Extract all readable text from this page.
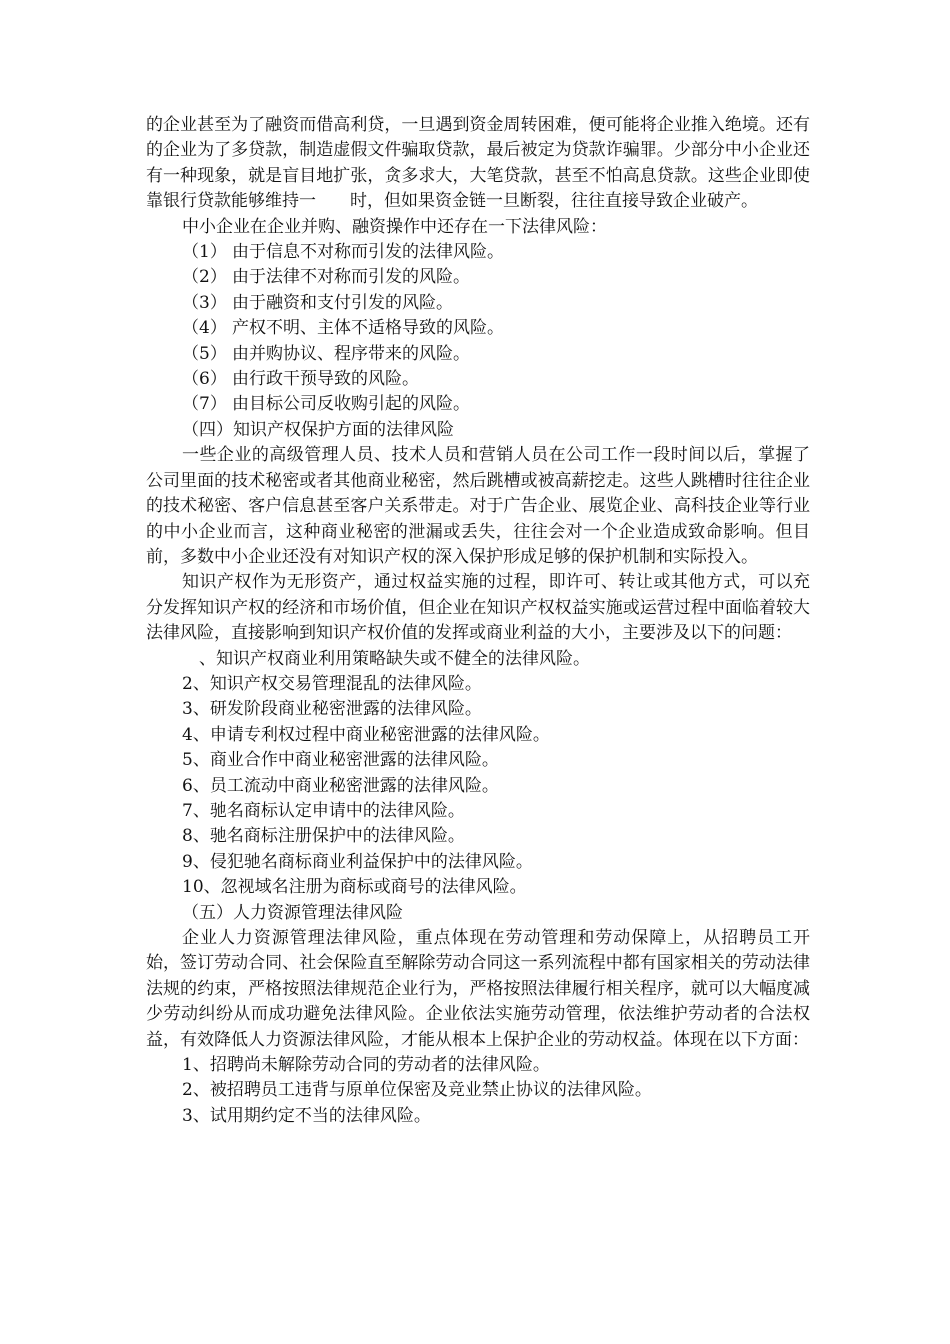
的企业甚至为了融资而借高利贷，一旦遇到资金周转困难，便可能将企业推入绝境。还有的企业为了多贷款，制造虚假文件骗取贷款，最后被定为贷款诈骗罪。少部分中小企业还有一种现象，就是盲目地扩张，贪多求大，大笔贷款，甚至不怕高息贷款。这些企业即使靠银行贷款能够维持一　　时，但如果资金链一旦断裂，往往直接导致企业破产。

中小企业在企业并购、融资操作中还存在一下法律风险：

（1） 由于信息不对称而引发的法律风险。

（2） 由于法律不对称而引发的风险。

（3） 由于融资和支付引发的风险。

（4） 产权不明、主体不适格导致的风险。

（5） 由并购协议、程序带来的风险。

（6） 由行政干预导致的风险。

（7） 由目标公司反收购引起的风险。

（四）知识产权保护方面的法律风险

一些企业的高级管理人员、技术人员和营销人员在公司工作一段时间以后，掌握了公司里面的技术秘密或者其他商业秘密，然后跳槽或被高薪挖走。这些人跳槽时往往企业的技术秘密、客户信息甚至客户关系带走。对于广告企业、展览企业、高科技企业等行业的中小企业而言，这种商业秘密的泄漏或丢失，往往会对一个企业造成致命影响。但目前，多数中小企业还没有对知识产权的深入保护形成足够的保护机制和实际投入。

知识产权作为无形资产，通过权益实施的过程，即许可、转让或其他方式，可以充分发挥知识产权的经济和市场价值，但企业在知识产权权益实施或运营过程中面临着较大法律风险，直接影响到知识产权价值的发挥或商业利益的大小，主要涉及以下的问题：

　、知识产权商业利用策略缺失或不健全的法律风险。

2、知识产权交易管理混乱的法律风险。

3、研发阶段商业秘密泄露的法律风险。

4、申请专利权过程中商业秘密泄露的法律风险。

5、商业合作中商业秘密泄露的法律风险。

6、员工流动中商业秘密泄露的法律风险。

7、驰名商标认定申请中的法律风险。

8、驰名商标注册保护中的法律风险。

9、侵犯驰名商标商业利益保护中的法律风险。

10、忽视域名注册为商标或商号的法律风险。

（五）人力资源管理法律风险

企业人力资源管理法律风险，重点体现在劳动管理和劳动保障上，从招聘员工开始，签订劳动合同、社会保险直至解除劳动合同这一系列流程中都有国家相关的劳动法律法规的约束，严格按照法律规范企业行为，严格按照法律履行相关程序，就可以大幅度减少劳动纠纷从而成功避免法律风险。企业依法实施劳动管理，依法维护劳动者的合法权益，有效降低人力资源法律风险，才能从根本上保护企业的劳动权益。体现在以下方面：

1、招聘尚未解除劳动合同的劳动者的法律风险。

2、被招聘员工违背与原单位保密及竞业禁止协议的法律风险。

3、试用期约定不当的法律风险。
